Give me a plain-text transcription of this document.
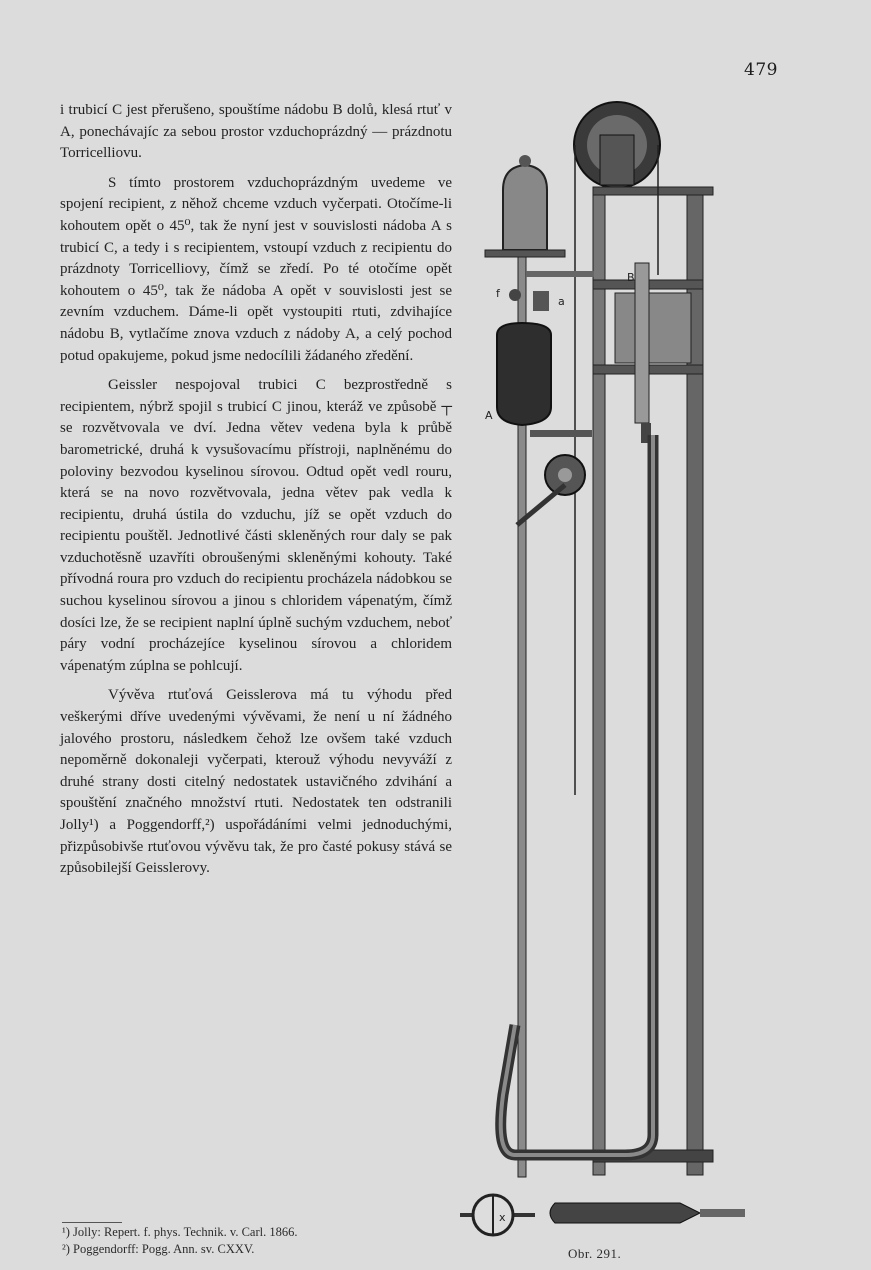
479

i trubicí C jest přerušeno, spouštíme nádobu B dolů, klesá rtuť v A, ponechávajíc za sebou prostor vzduchoprázdný — prázdnotu Torricelliovu.

S tímto prostorem vzduchoprázdným uvedeme ve spojení recipient, z něhož chceme vzduch vyčerpati. Otočíme-li kohoutem opět o 45⁰, tak že nyní jest v souvislosti nádoba A s trubicí C, a tedy i s recipientem, vstoupí vzduch z recipientu do prázdnoty Torricelliovy, čímž se zředí. Po té otočíme opět kohoutem o 45⁰, tak že nádoba A opět v souvislosti jest se zevním vzduchem. Dáme-li opět vystoupiti rtuti, zdvihajíce nádobu B, vytlačíme znova vzduch z nádoby A, a celý pochod potud opakujeme, pokud jsme nedocílili žádaného zředění.

Geissler nespojoval trubici C bezprostředně s recipientem, nýbrž spojil s trubicí C jinou, kteráž ve způsobě ┬ se rozvětvovala ve dví. Jedna větev vedena byla k průbě barometrické, druhá k vysušovacímu přístroji, naplněnému do poloviny bezvodou kyselinou sírovou. Odtud opět vedl rouru, která se na novo rozvětvovala, jedna větev pak vedla k recipientu, druhá ústila do vzduchu, jíž se opět vzduch do recipientu pouštěl. Jednotlivé části skleněných rour daly se pak vzduchotěsně uzavříti obroušenými skleněnými kohouty. Také přívodná roura pro vzduch do recipientu procházela nádobkou se suchou kyselinou sírovou a jinou s chloridem vápenatým, čímž dosíci lze, že se recipient naplní úplně suchým vzduchem, neboť páry vodní procházejíce kyselinou sírovou a chloridem vápenatým zúplna se pohlcují.

Vývěva rtuťová Geisslerova má tu výhodu před veškerými dříve uvedenými vývěvami, že není u ní žádného jalového prostoru, následkem čehož lze ovšem také vzduch nepoměrně dokonaleji vyčerpati, kterouž výhodu nevyváží z druhé strany dosti citelný nedostatek ustavičného zdvihání a spouštění značného množství rtuti. Nedostatek ten odstranili Jolly¹) a Poggendorff,²) uspořádáními velmi jednoduchými, přizpůsobivše rtuťovou vývěvu tak, že pro časté pokusy stává se způsobilejší Geisslerovy.

¹) Jolly: Repert. f. phys. Technik. v. Carl. 1866.
²) Poggendorff: Pogg. Ann. sv. CXXV.
B
f
a
A
x
Obr. 291.
